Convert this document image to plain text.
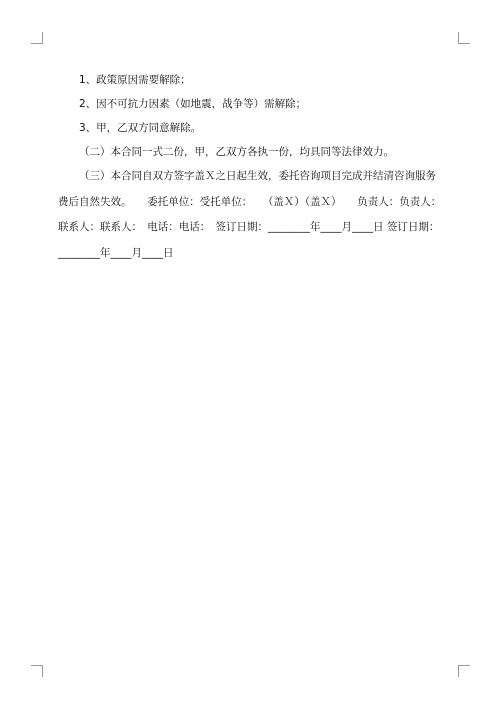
1、政策原因需要解除；

2、因不可抗力因素（如地震，战争等）需解除；

3、甲，乙双方同意解除。

（二）本合同一式二份，甲，乙双方各执一份，均具同等法律效力。

（三）本合同自双方签字盖Ｘ之日起生效，委托咨询项目完成并结清咨询服务费后自然失效。　　委托单位：受托单位：　　（盖Ｘ）（盖Ｘ）　　负责人：负责人：　联系人：联系人：　电话：电话：　签订日期：________年____月____日 签订日期：________年____月____日
